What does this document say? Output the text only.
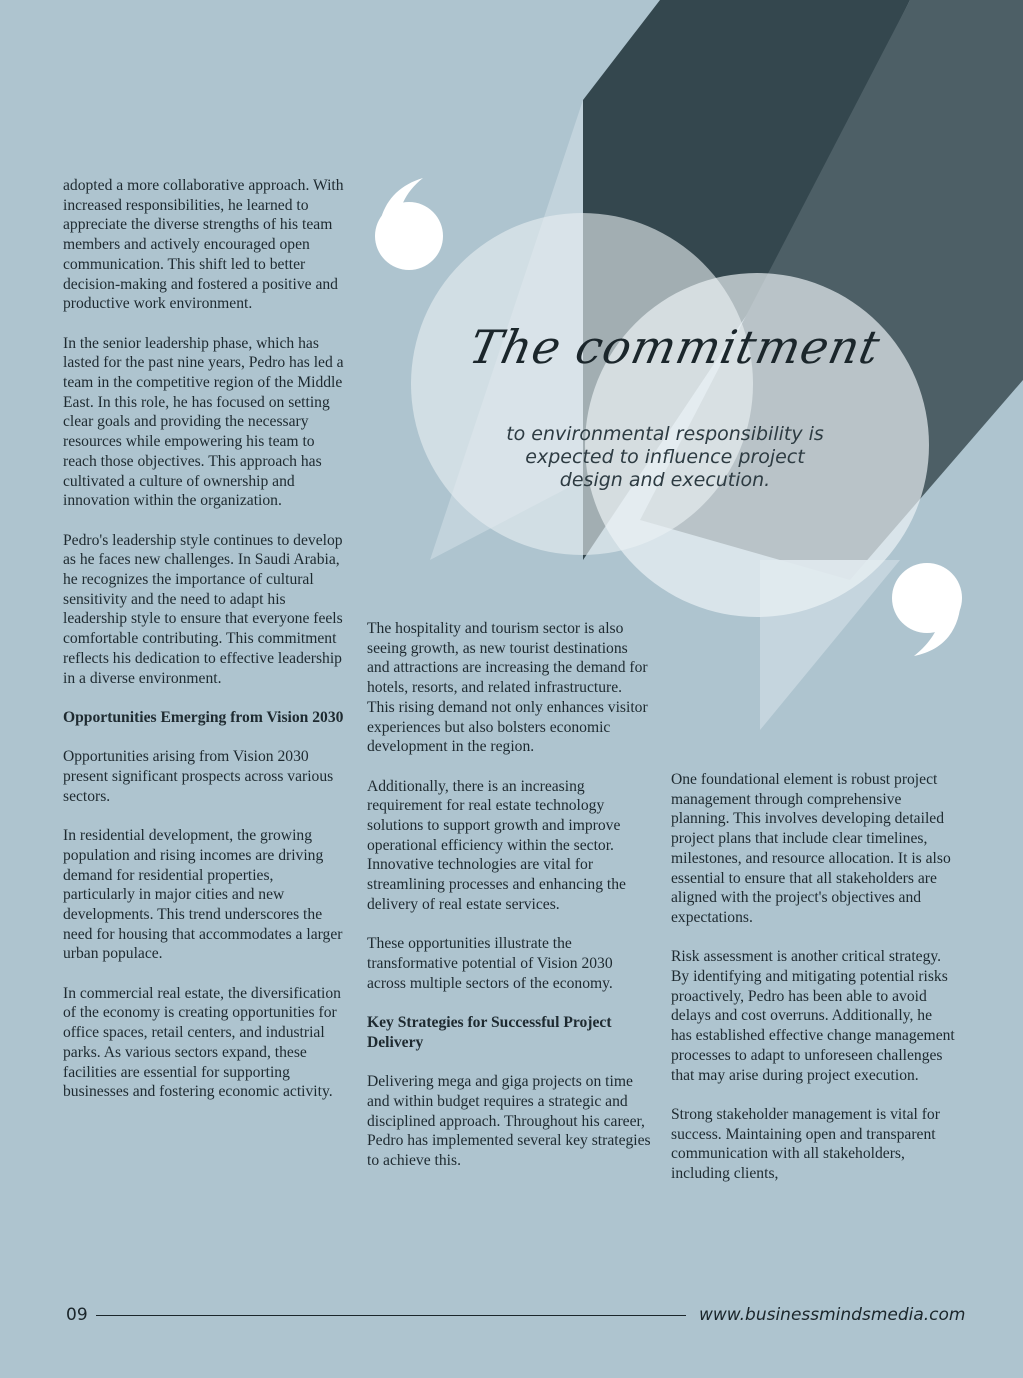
The commitment
to environmental responsibility is expected to influence project design and execution.

adopted a more collaborative approach. With increased responsibilities, he learned to appreciate the diverse strengths of his team members and actively encouraged open communication. This shift led to better decision-making and fostered a positive and productive work environment.

In the senior leadership phase, which has lasted for the past nine years, Pedro has led a team in the competitive region of the Middle East. In this role, he has focused on setting clear goals and providing the necessary resources while empowering his team to reach those objectives. This approach has cultivated a culture of ownership and innovation within the organization.

Pedro's leadership style continues to develop as he faces new challenges. In Saudi Arabia, he recognizes the importance of cultural sensitivity and the need to adapt his leadership style to ensure that everyone feels comfortable contributing. This commitment reflects his dedication to effective leadership in a diverse environment.

Opportunities Emerging from Vision 2030

Opportunities arising from Vision 2030 present significant prospects across various sectors.

In residential development, the growing population and rising incomes are driving demand for residential properties, particularly in major cities and new developments. This trend underscores the need for housing that accommodates a larger urban populace.

In commercial real estate, the diversification of the economy is creating opportunities for office spaces, retail centers, and industrial parks. As various sectors expand, these facilities are essential for supporting businesses and fostering economic activity.

The hospitality and tourism sector is also seeing growth, as new tourist destinations and attractions are increasing the demand for hotels, resorts, and related infrastructure. This rising demand not only enhances visitor experiences but also bolsters economic development in the region.

Additionally, there is an increasing requirement for real estate technology solutions to support growth and improve operational efficiency within the sector. Innovative technologies are vital for streamlining processes and enhancing the delivery of real estate services.

These opportunities illustrate the transformative potential of Vision 2030 across multiple sectors of the economy.

Key Strategies for Successful Project Delivery

Delivering mega and giga projects on time and within budget requires a strategic and disciplined approach. Throughout his career, Pedro has implemented several key strategies to achieve this.

One foundational element is robust project management through comprehensive planning. This involves developing detailed project plans that include clear timelines, milestones, and resource allocation. It is also essential to ensure that all stakeholders are aligned with the project's objectives and expectations.

Risk assessment is another critical strategy. By identifying and mitigating potential risks proactively, Pedro has been able to avoid delays and cost overruns. Additionally, he has established effective change management processes to adapt to unforeseen challenges that may arise during project execution.

Strong stakeholder management is vital for success. Maintaining open and transparent communication with all stakeholders, including clients,

09	www.businessmindsmedia.com
